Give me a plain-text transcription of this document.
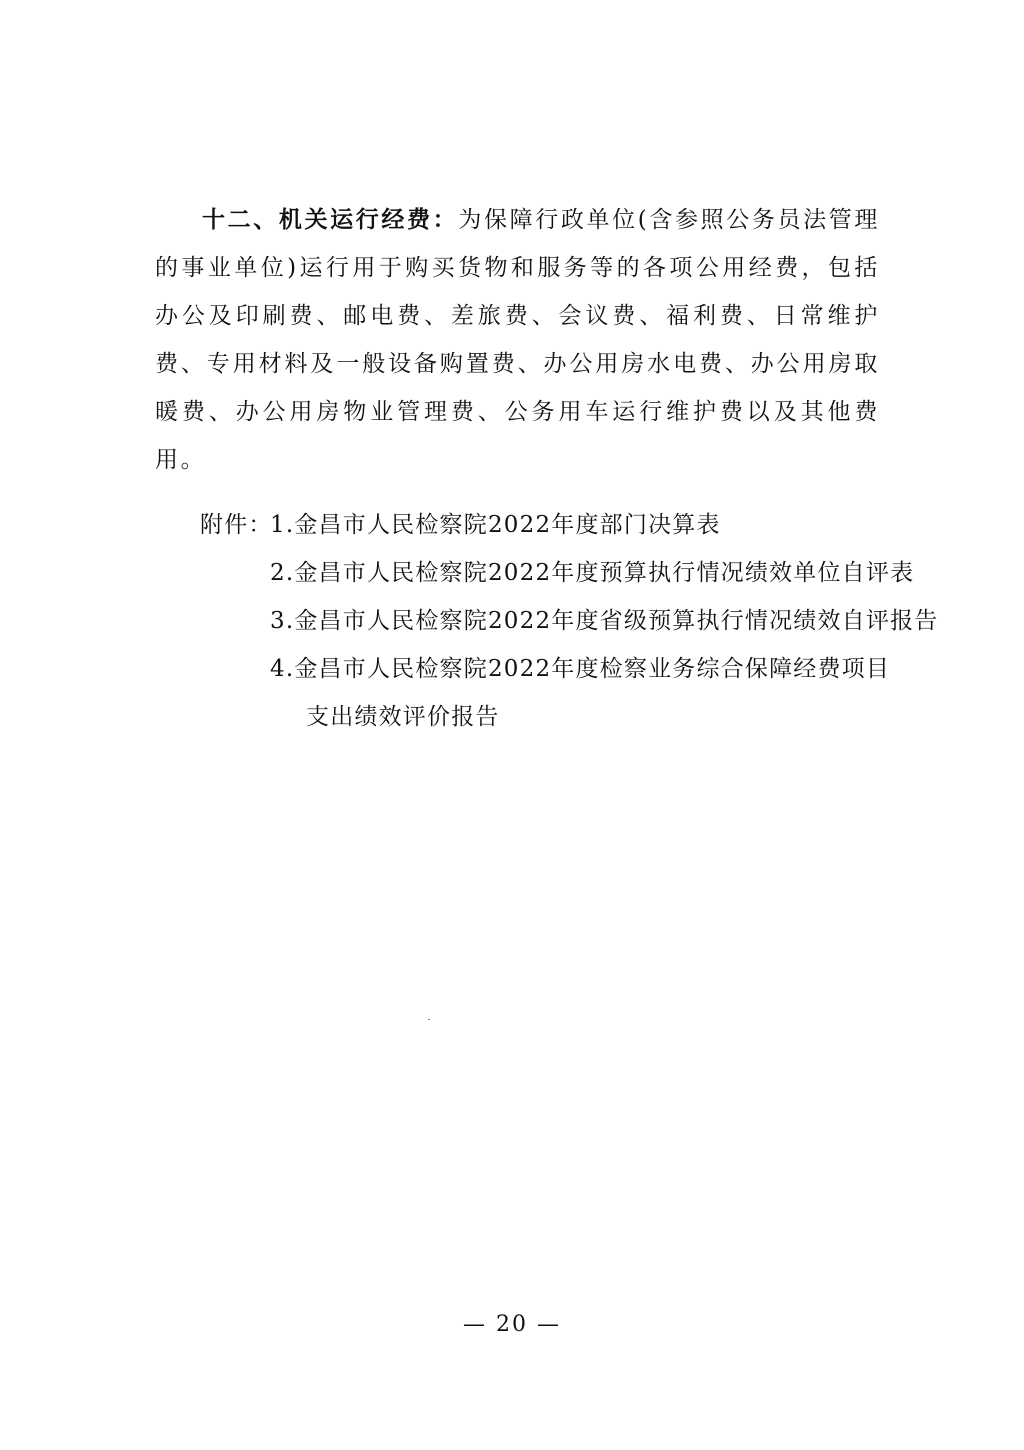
十二、机关运行经费：为保障行政单位(含参照公务员法管理的事业单位)运行用于购买货物和服务等的各项公用经费，包括办公及印刷费、邮电费、差旅费、会议费、福利费、日常维护费、专用材料及一般设备购置费、办公用房水电费、办公用房取暖费、办公用房物业管理费、公务用车运行维护费以及其他费用。

附件：
1.金昌市人民检察院2022年度部门决算表
2.金昌市人民检察院2022年度预算执行情况绩效单位自评表
3.金昌市人民检察院2022年度省级预算执行情况绩效自评报告
4.金昌市人民检察院2022年度检察业务综合保障经费项目
支出绩效评价报告
— 20 —
